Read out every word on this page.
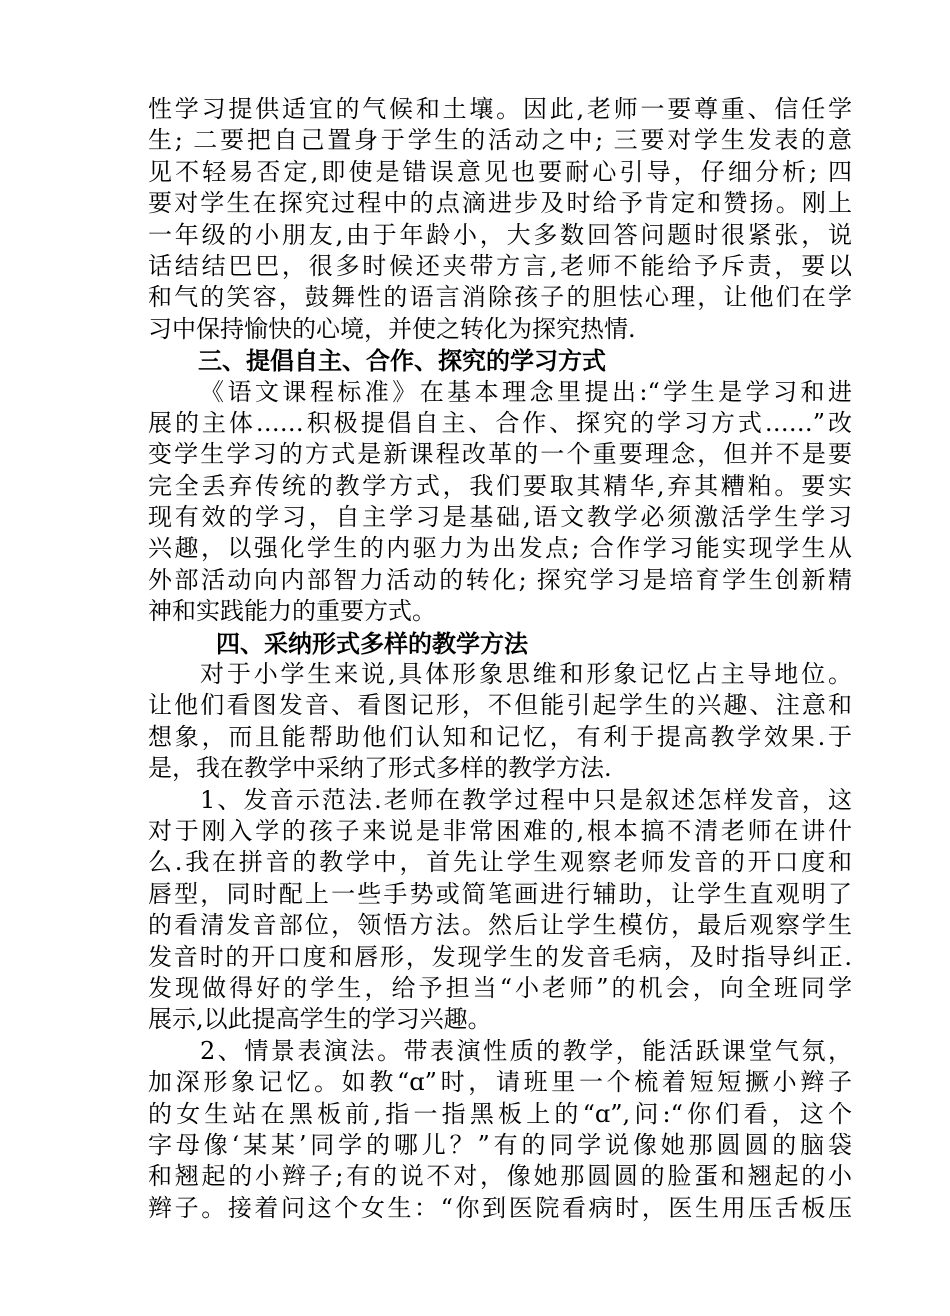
性学习提供适宜的气候和土壤。因此,老师一要尊重、信任学
生; 二要把自己置身于学生的活动之中; 三要对学生发表的意
见不轻易否定,即使是错误意见也要耐心引导，仔细分析; 四
要对学生在探究过程中的点滴进步及时给予肯定和赞扬。刚上
一年级的小朋友,由于年龄小，大多数回答问题时很紧张，说
话结结巴巴，很多时候还夹带方言,老师不能给予斥责，要以
和气的笑容，鼓舞性的语言消除孩子的胆怯心理，让他们在学
习中保持愉快的心境，并使之转化为探究热情.
三、提倡自主、合作、探究的学习方式
《语文课程标准》在基本理念里提出:“学生是学习和进
展的主体……积极提倡自主、合作、探究的学习方式……”改
变学生学习的方式是新课程改革的一个重要理念，但并不是要
完全丢弃传统的教学方式，我们要取其精华,弃其糟粕。要实
现有效的学习，自主学习是基础,语文教学必须激活学生学习
兴趣，以强化学生的内驱力为出发点; 合作学习能实现学生从
外部活动向内部智力活动的转化; 探究学习是培育学生创新精
神和实践能力的重要方式。
四、采纳形式多样的教学方法
对于小学生来说,具体形象思维和形象记忆占主导地位。
让他们看图发音、看图记形，不但能引起学生的兴趣、注意和
想象，而且能帮助他们认知和记忆，有利于提高教学效果.于
是，我在教学中采纳了形式多样的教学方法.
1、发音示范法.老师在教学过程中只是叙述怎样发音，这
对于刚入学的孩子来说是非常困难的,根本搞不清老师在讲什
么.我在拼音的教学中，首先让学生观察老师发音的开口度和
唇型，同时配上一些手势或简笔画进行辅助，让学生直观明了
的看清发音部位，领悟方法。然后让学生模仿，最后观察学生
发音时的开口度和唇形，发现学生的发音毛病，及时指导纠正.
发现做得好的学生，给予担当“小老师”的机会，向全班同学
展示,以此提高学生的学习兴趣。
2、情景表演法。带表演性质的教学，能活跃课堂气氛，
加深形象记忆。如教“ɑ”时，请班里一个梳着短短撅小辫子
的女生站在黑板前,指一指黑板上的“ɑ”,问:“你们看，这个
字母像‘某某’同学的哪儿？”有的同学说像她那圆圆的脑袋
和翘起的小辫子;有的说不对，像她那圆圆的脸蛋和翘起的小
辫子。接着问这个女生：“你到医院看病时，医生用压舌板压
